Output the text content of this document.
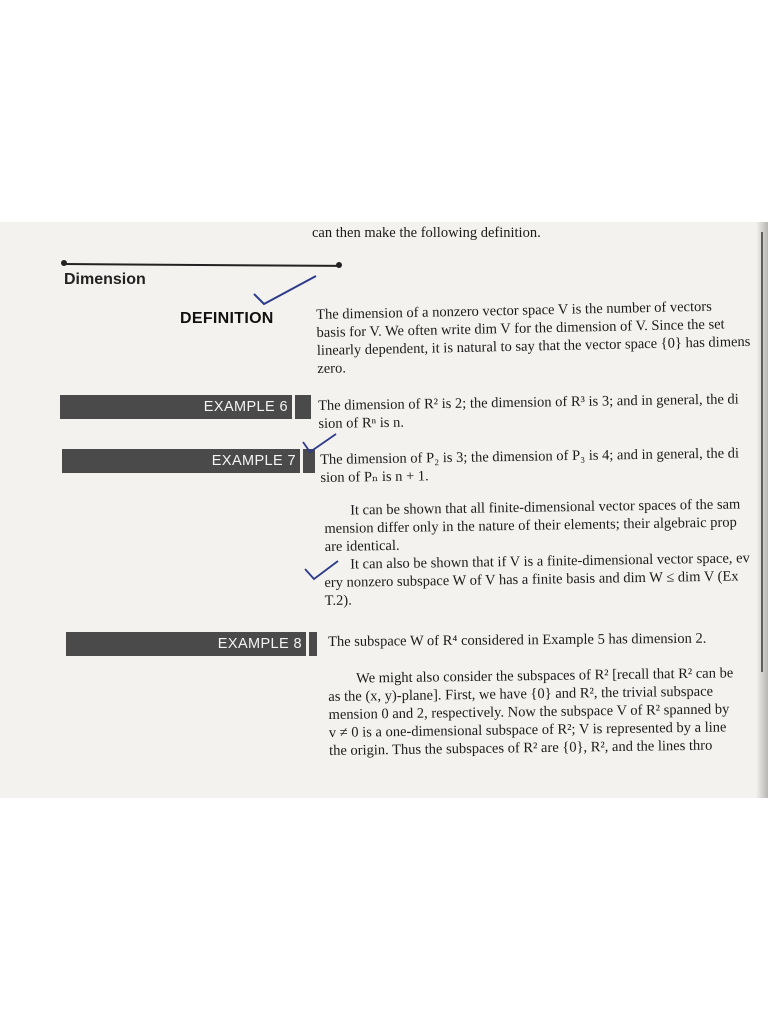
can then make the following definition.
Dimension
DEFINITION	The dimension of a nonzero vector space V is the number of vectors
basis for V. We often write dim V for the dimension of V. Since the set
linearly dependent, it is natural to say that the vector space {0} has dimens
zero.
EXAMPLE 6 The dimension of R² is 2; the dimension of R³ is 3; and in general, the di
sion of Rⁿ is n.
EXAMPLE 7 The dimension of P₂ is 3; the dimension of P₃ is 4; and in general, the di
sion of Pₙ is n + 1.
It can be shown that all finite-dimensional vector spaces of the sam
mension differ only in the nature of their elements; their algebraic prop
are identical.
It can also be shown that if V is a finite-dimensional vector space, ev
ery nonzero subspace W of V has a finite basis and dim W ≤ dim V (Ex
T.2).
EXAMPLE 8 The subspace W of R⁴ considered in Example 5 has dimension 2.
We might also consider the subspaces of R² [recall that R² can be
as the (x, y)-plane]. First, we have {0} and R², the trivial subspace
mension 0 and 2, respectively. Now the subspace V of R² spanned by
v ≠ 0 is a one-dimensional subspace of R²; V is represented by a line
the origin. Thus the subspaces of R² are {0}, R², and the lines thro
